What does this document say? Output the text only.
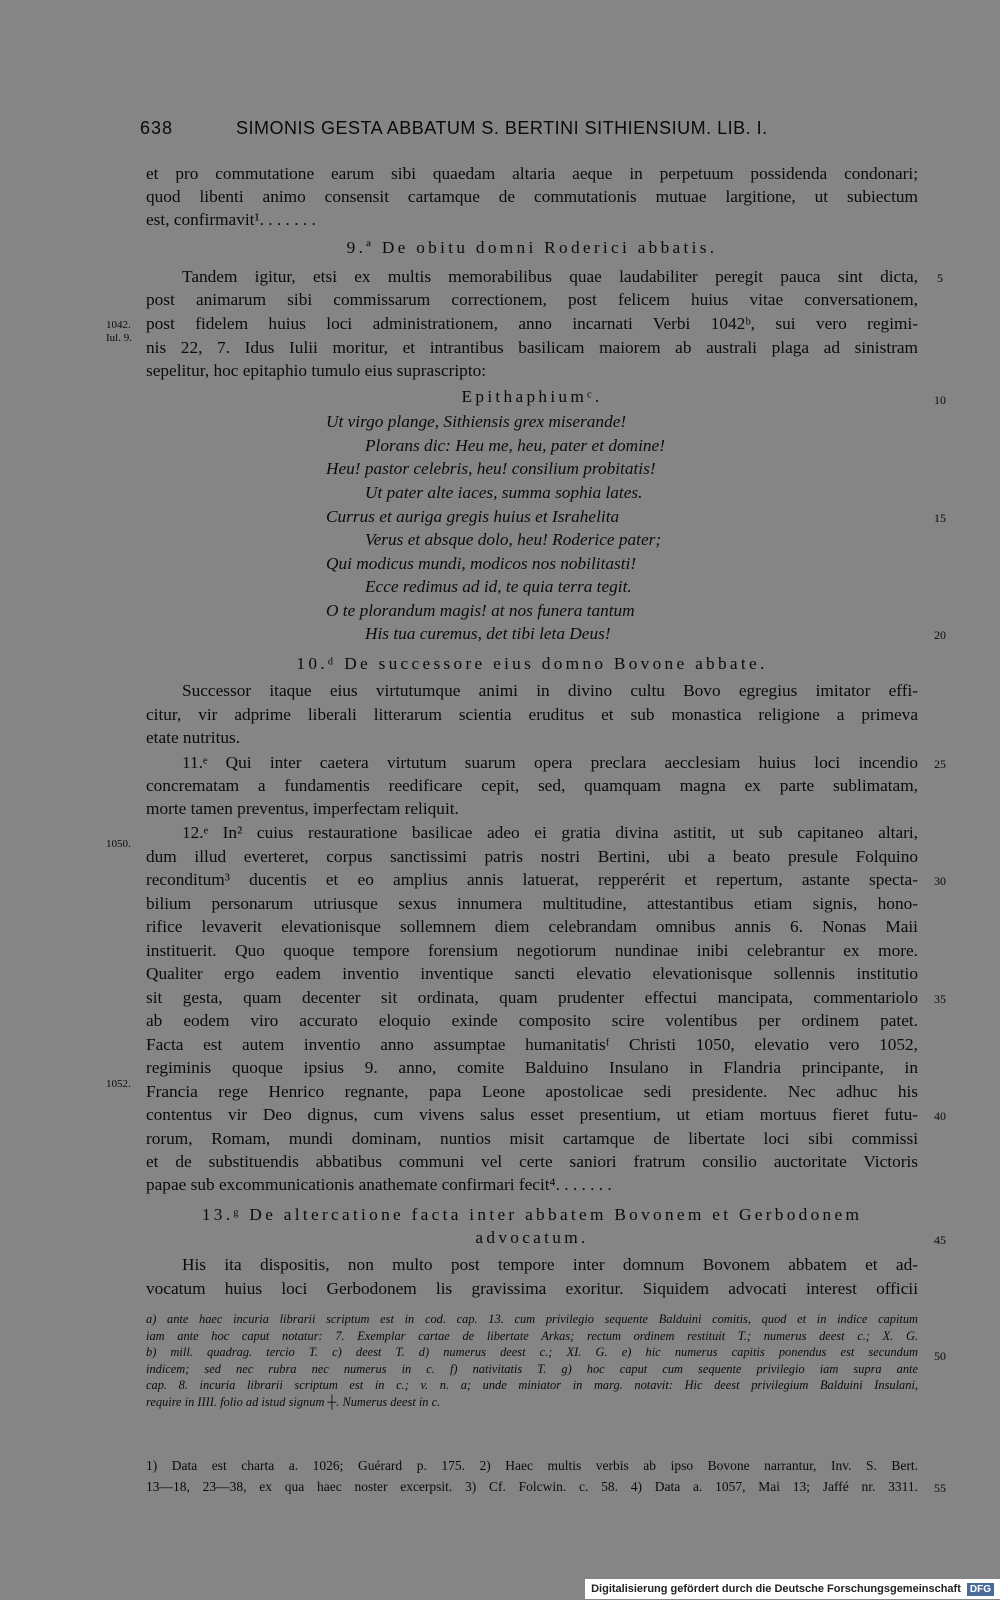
638	SIMONIS GESTA ABBATUM S. BERTINI SITHIENSIUM. LIB. I.
et pro commutatione earum sibi quaedam altaria aeque in perpetuum possidenda condonari;
quod libenti animo consensit cartamque de commutationis mutuae largitione, ut subiectum
est, confirmavit¹. . . . . . .
9.ª De obitu domni Roderici abbatis.
Tandem igitur, etsi ex multis memorabilibus quae laudabiliter peregit pauca sint dicta,
post animarum sibi commissarum correctionem, post felicem huius vitae conversationem,
post fidelem huius loci administrationem, anno incarnati Verbi 1042ᵇ, sui vero regimi-
nis 22, 7. Idus Iulii moritur, et intrantibus basilicam maiorem ab australi plaga ad sinistram
sepelitur, hoc epitaphio tumulo eius suprascripto:
Epithaphiumᶜ.
Ut virgo plange, Sithiensis grex miserande!
Plorans dic: Heu me, heu, pater et domine!
Heu! pastor celebris, heu! consilium probitatis!
Ut pater alte iaces, summa sophia lates.
Currus et auriga gregis huius et Israhelita
Verus et absque dolo, heu! Roderice pater;
Qui modicus mundi, modicos nos nobilitasti!
Ecce redimus ad id, te quia terra tegit.
O te plorandum magis! at nos funera tantum
His tua curemus, det tibi leta Deus!
10.ᵈ De successore eius domno Bovone abbate.
Successor itaque eius virtutumque animi in divino cultu Bovo egregius imitator effi-
citur, vir adprime liberali litterarum scientia eruditus et sub monastica religione a primeva
etate nutritus.
11.ᵉ Qui inter caetera virtutum suarum opera preclara aecclesiam huius loci incendio
concrematam a fundamentis reedificare cepit, sed, quamquam magna ex parte sublimatam,
morte tamen preventus, imperfectam reliquit.
12.ᵉ In² cuius restauratione basilicae adeo ei gratia divina astitit, ut sub capitaneo altari,
dum illud everteret, corpus sanctissimi patris nostri Bertini, ubi a beato presule Folquino
reconditum³ ducentis et eo amplius annis latuerat, repperérit et repertum, astante specta-
bilium personarum utriusque sexus innumera multitudine, attestantibus etiam signis, hono-
rifice levaverit elevationisque sollemnem diem celebrandam omnibus annis 6. Nonas Maii
instituerit. Quo quoque tempore forensium negotiorum nundinae inibi celebrantur ex more.
Qualiter ergo eadem inventio inventique sancti elevatio elevationisque sollennis institutio
sit gesta, quam decenter sit ordinata, quam prudenter effectui mancipata, commentariolo
ab eodem viro accurato eloquio exinde composito scire volentibus per ordinem patet.
Facta est autem inventio anno assumptae humanitatisᶠ Christi 1050, elevatio vero 1052,
regiminis quoque ipsius 9. anno, comite Balduino Insulano in Flandria principante, in
Francia rege Henrico regnante, papa Leone apostolicae sedi presidente. Nec adhuc his
contentus vir Deo dignus, cum vivens salus esset presentium, ut etiam mortuus fieret futu-
rorum, Romam, mundi dominam, nuntios misit cartamque de libertate loci sibi commissi
et de substituendis abbatibus communi vel certe saniori fratrum consilio auctoritate Victoris
papae sub excommunicationis anathemate confirmari fecit⁴. . . . . . .
13.ᵍ De altercatione facta inter abbatem Bovonem et Gerbodonem
advocatum.
His ita dispositis, non multo post tempore inter domnum Bovonem abbatem et ad-
vocatum huius loci Gerbodonem lis gravissima exoritur. Siquidem advocati interest officii
5
10
15
20
25
30
35
40
45
50
55
1042.
Iul. 9.
1050.
1052.
a) ante haec incuria librarii scriptum est in cod. cap. 13. cum privilegio sequente Balduini comitis, quod et in indice capitum
iam ante hoc caput notatur: 7. Exemplar cartae de libertate Arkas; rectum ordinem restituit T.; numerus deest c.; X. G.
b) mill. quadrag. tercio T. c) deest T. d) numerus deest c.; XI. G. e) hic numerus capitis ponendus est secundum
indicem; sed nec rubra nec numerus in c. f) nativitatis T. g) hoc caput cum sequente privilegio iam supra ante
cap. 8. incuria librarii scriptum est in c.; v. n. a; unde miniator in marg. notavit: Hic deest privilegium Balduini Insulani,
require in IIII. folio ad istud signum ┼. Numerus deest in c.
1) Data est charta a. 1026; Guérard p. 175. 2) Haec multis verbis ab ipso Bovone narrantur, Inv. S. Bert.
13—18, 23—38, ex qua haec noster excerpsit. 3) Cf. Folcwin. c. 58. 4) Data a. 1057, Mai 13; Jaffé nr. 3311.
Digitalisierung gefördert durch die Deutsche Forschungsgemeinschaft DFG
